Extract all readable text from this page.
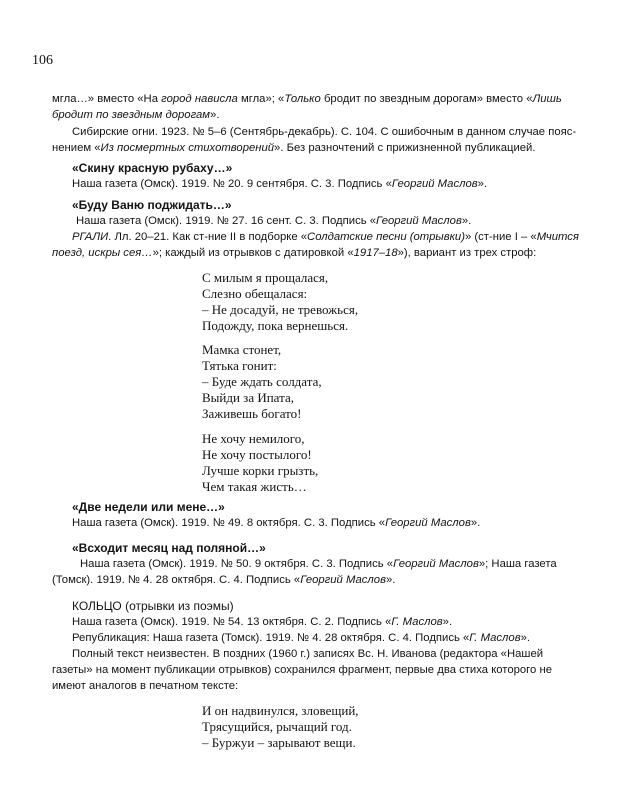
106
мгла…» вместо «На город нависла мгла»; «Только бродит по звездным дорогам» вместо «Лишь
бродит по звездным дорогам».
Сибирские огни. 1923. № 5–6 (Сентябрь-декабрь). С. 104. С ошибочным в данном случае пояс-
нением «Из посмертных стихотворений». Без разночтений с прижизненной публикацией.
«Скину красную рубаху…»
Наша газета (Омск). 1919. № 20. 9 сентября. С. 3. Подпись «Георгий Маслов».
«Буду Ваню поджидать…»
Наша газета (Омск). 1919. № 27. 16 сент. С. 3. Подпись «Георгий Маслов».
РГАЛИ. Лл. 20–21. Как ст-ние II в подборке «Солдатские песни (отрывки)» (ст-ние I – «Мчится
поезд, искры сея…»; каждый из отрывков с датировкой «1917–18»), вариант из трех строф:
С милым я прощалася,
Слезно обещалася:
– Не досадуй, не тревожься,
Подожду, пока вернешься.
Мамка стонет,
Тятька гонит:
– Буде ждать солдата,
Выйди за Ипата,
Заживешь богато!
Не хочу немилого,
Не хочу постылого!
Лучше корки грызть,
Чем такая жисть…
«Две недели или мене…»
Наша газета (Омск). 1919. № 49. 8 октября. С. 3. Подпись «Георгий Маслов».
«Всходит месяц над поляной…»
Наша газета (Омск). 1919. № 50. 9 октября. С. 3. Подпись «Георгий Маслов»; Наша газета
(Томск). 1919. № 4. 28 октября. С. 4. Подпись «Георгий Маслов».
КОЛЬЦО (отрывки из поэмы)
Наша газета (Омск). 1919. № 54. 13 октября. С. 2. Подпись «Г. Маслов».
Републикация: Наша газета (Томск). 1919. № 4. 28 октября. С. 4. Подпись «Г. Маслов».
Полный текст неизвестен. В поздних (1960 г.) записях Вс. Н. Иванова (редактора «Нашей
газеты» на момент публикации отрывков) сохранился фрагмент, первые два стиха которого не
имеют аналогов в печатном тексте:
И он надвинулся, зловещий,
Трясущийся, рычащий год.
– Буржуи – зарывают вещи.
